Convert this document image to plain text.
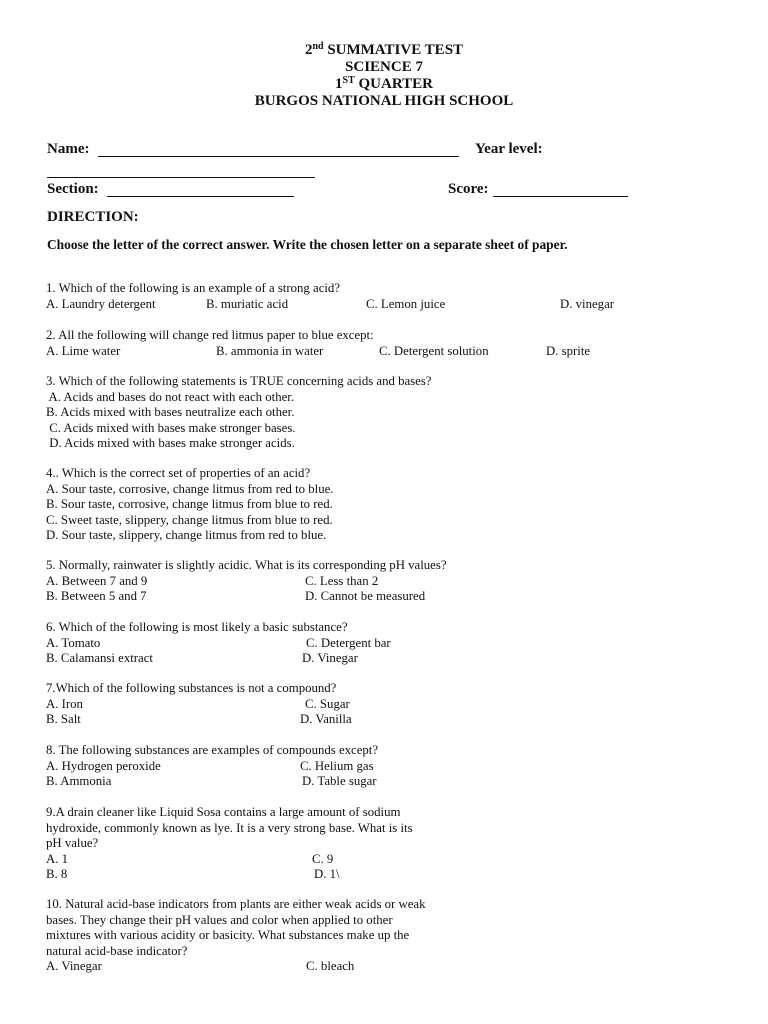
2nd SUMMATIVE TEST
SCIENCE 7
1ST QUARTER
BURGOS NATIONAL HIGH SCHOOL
Name:	Year level:
Section:	Score:
DIRECTION:
Choose the letter of the correct answer. Write the chosen letter on a separate sheet of paper.
1. Which of the following is an example of a strong acid?
A. Laundry detergent	B. muriatic acid	C. Lemon juice	D. vinegar
2. All the following will change red litmus paper to blue except:
A. Lime water	B. ammonia in water	C. Detergent solution	D. sprite
3. Which of the following statements is TRUE concerning acids and bases?
A. Acids and bases do not react with each other.
B. Acids mixed with bases neutralize each other.
C. Acids mixed with bases make stronger bases.
D. Acids mixed with bases make stronger acids.
4.. Which is the correct set of properties of an acid?
A. Sour taste, corrosive, change litmus from red to blue.
B. Sour taste, corrosive, change litmus from blue to red.
C. Sweet taste, slippery, change litmus from blue to red.
D. Sour taste, slippery, change litmus from red to blue.
5. Normally, rainwater is slightly acidic. What is its corresponding pH values?
A. Between 7 and 9	C. Less than 2
B. Between 5 and 7	D. Cannot be measured
6. Which of the following is most likely a basic substance?
A. Tomato	C. Detergent bar
B. Calamansi extract	D. Vinegar
7.Which of the following substances is not a compound?
A. Iron	C. Sugar
B. Salt	D. Vanilla
8. The following substances are examples of compounds except?
A. Hydrogen peroxide	C. Helium gas
B. Ammonia	D. Table sugar
9.A drain cleaner like Liquid Sosa contains a large amount of sodium
hydroxide, commonly known as lye. It is a very strong base. What is its
pH value?
A. 1	C. 9
B. 8	D. 1\
10. Natural acid-base indicators from plants are either weak acids or weak
bases. They change their pH values and color when applied to other
mixtures with various acidity or basicity. What substances make up the
natural acid-base indicator?
A. Vinegar	C. bleach
